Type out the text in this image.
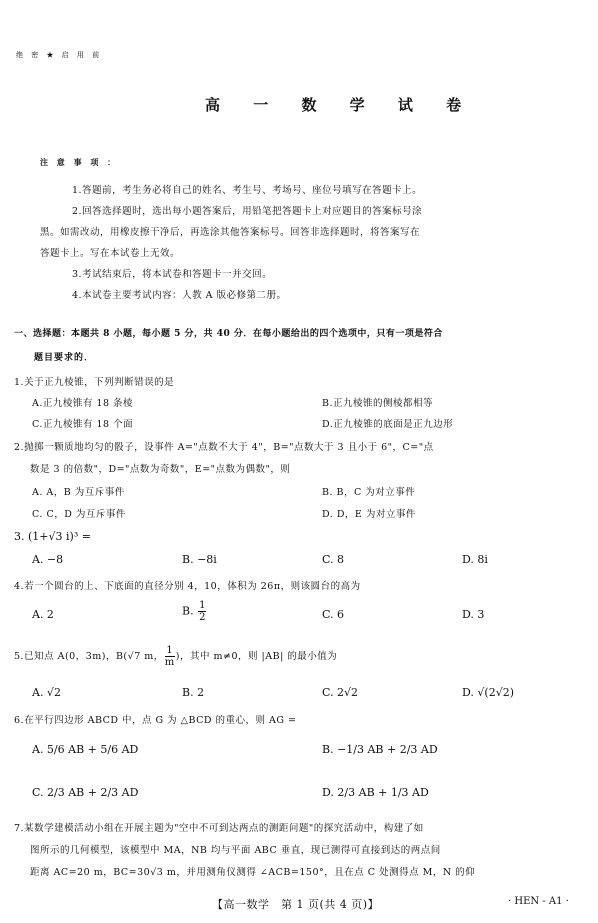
绝 密 ★ 启 用 前
高 一 数 学 试 卷
注 意 事 项 ：
1.答题前，考生务必将自己的姓名、考生号、考场号、座位号填写在答题卡上。
2.回答选择题时，选出每小题答案后，用铅笔把答题卡上对应题目的答案标号涂
黑。如需改动，用橡皮擦干净后，再选涂其他答案标号。回答非选择题时，将答案写在
答题卡上。写在本试卷上无效。
3.考试结束后，将本试卷和答题卡一并交回。
4.本试卷主要考试内容：人教 A 版必修第二册。
一、选择题：本题共 8 小题，每小题 5 分，共 40 分．在每小题给出的四个选项中，只有一项是符合
题目要求的．
1.关于正九棱锥，下列判断错误的是
A.正九棱锥有 18 条棱	B.正九棱锥的侧棱都相等
C.正九棱锥有 18 个面	D.正九棱锥的底面是正九边形
2.抛掷一颗质地均匀的骰子，设事件 A="点数不大于 4"，B="点数大于 3 且小于 6"，C="点
数是 3 的倍数"，D="点数为奇数"，E="点数为偶数"，则
A. A，B 为互斥事件	B. B，C 为对立事件
C. C，D 为互斥事件	D. D，E 为对立事件
3. (1+√3 i)³ =
A. −8	B. −8i	C. 8	D. 8i
4.若一个圆台的上、下底面的直径分别 4，10，体积为 26π，则该圆台的高为
A. 2	B. $\frac{1}{2}$	C. 6	D. 3
5.已知点 A(0，3m)，B(√7 m， $\frac{1}{m}$ )，其中 m≠0，则 |AB| 的最小值为
A. √2	B. 2	C. 2√2	D. √(2√2)
6.在平行四边形 ABCD 中，点 G 为 △BCD 的重心，则 AG =
A. 5/6 AB + 5/6 AD	B. −1/3 AB + 2/3 AD
C. 2/3 AB + 2/3 AD	D. 2/3 AB + 1/3 AD
7.某数学建模活动小组在开展主题为"空中不可到达两点的测距问题"的探究活动中，构建了如
图所示的几何模型，该模型中 MA，NB 均与平面 ABC 垂直，现已测得可直接到达的两点间
距离 AC=20 m，BC=30√3 m，并用测角仪测得 ∠ACB=150°，且在点 C 处测得点 M，N 的仰
【高一数学　第 1 页(共 4 页)】	· HEN - A1 ·
